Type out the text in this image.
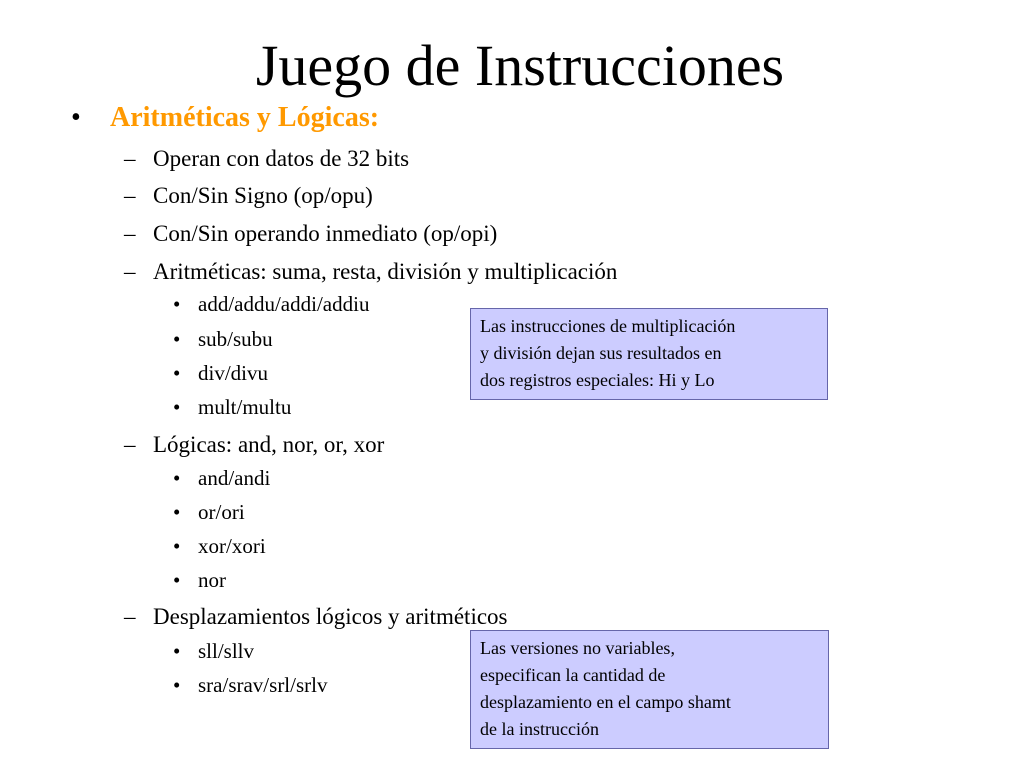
Juego de Instrucciones
• Aritméticas y Lógicas:
– Operan con datos de 32 bits
– Con/Sin Signo (op/opu)
– Con/Sin operando inmediato (op/opi)
– Aritméticas: suma, resta, división y multiplicación
• add/addu/addi/addiu
• sub/subu
• div/divu
• mult/multu
– Lógicas: and, nor, or, xor
• and/andi
• or/ori
• xor/xori
• nor
– Desplazamientos lógicos y aritméticos
• sll/sllv
• sra/srav/srl/srlv
Las instrucciones de multiplicación
y división dejan sus resultados en
dos registros especiales: Hi y Lo
Las versiones no variables,
especifican la cantidad de
desplazamiento en el campo shamt
de la instrucción
